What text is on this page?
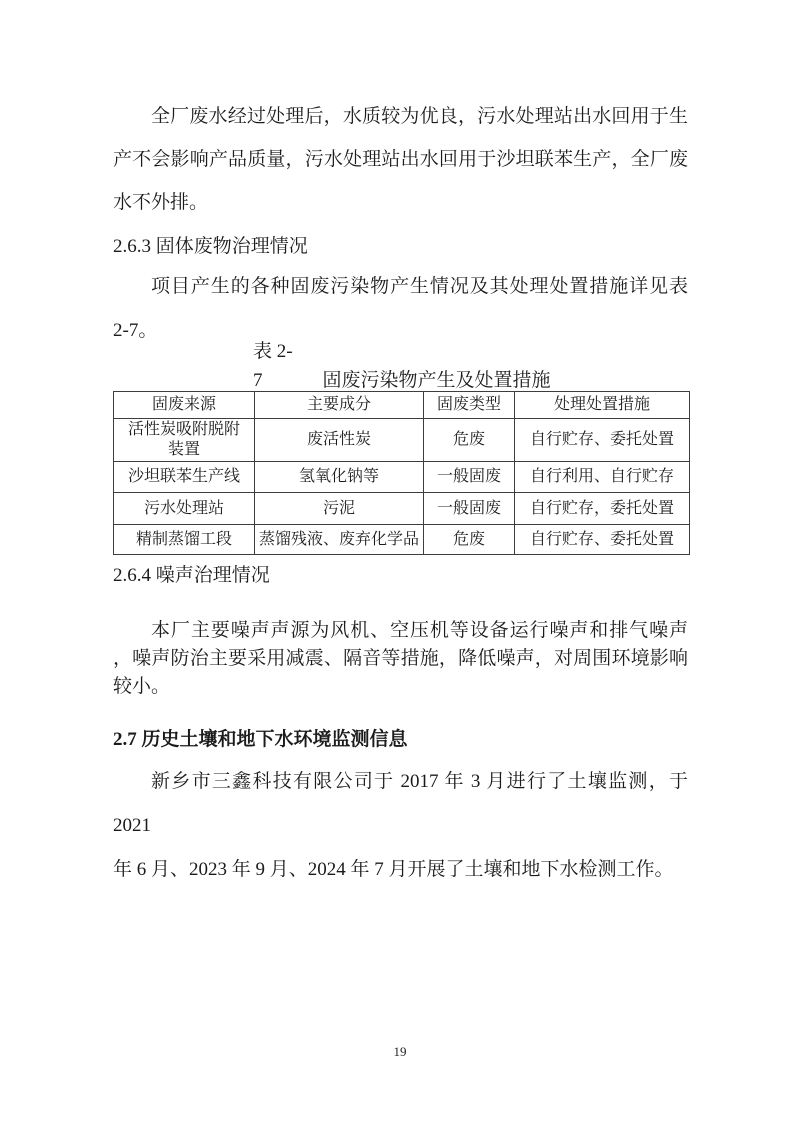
全厂废水经过处理后，水质较为优良，污水处理站出水回用于生
产不会影响产品质量，污水处理站出水回用于沙坦联苯生产，全厂废
水不外排。
2.6.3 固体废物治理情况
项目产生的各种固废污染物产生情况及其处理处置措施详见表
2-7。
表 2-
7	固废污染物产生及处置措施
固废来源	主要成分	固废类型	处理处置措施
活性炭吸附脱附装置	废活性炭	危废	自行贮存、委托处置
沙坦联苯生产线	氢氧化钠等	一般固废	自行利用、自行贮存
污水处理站	污泥	一般固废	自行贮存，委托处置
精制蒸馏工段	蒸馏残液、废弃化学品	危废	自行贮存、委托处置
2.6.4 噪声治理情况
本厂主要噪声声源为风机、空压机等设备运行噪声和排气噪声
，噪声防治主要采用减震、隔音等措施，降低噪声，对周围环境影响
较小。
2.7 历史土壤和地下水环境监测信息
新乡市三鑫科技有限公司于 2017 年 3 月进行了土壤监测，于 2021
年 6 月、2023 年 9 月、2024 年 7 月开展了土壤和地下水检测工作。
19
